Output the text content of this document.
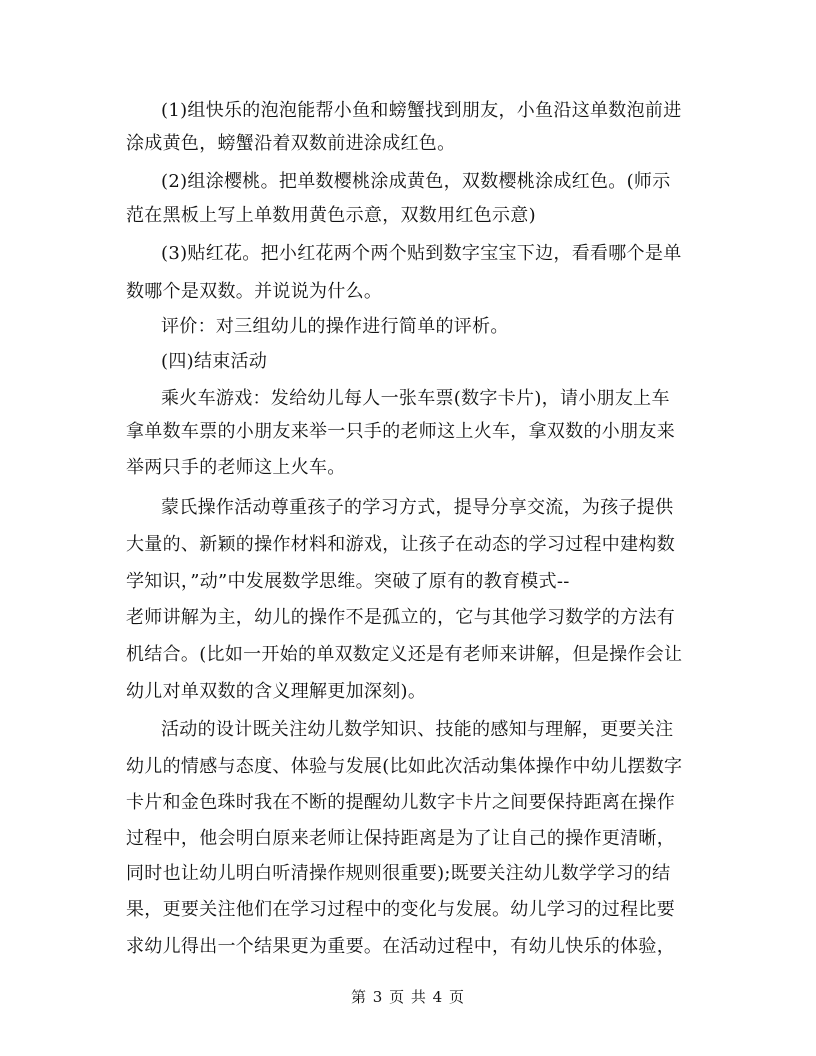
(1)组快乐的泡泡能帮小鱼和螃蟹找到朋友，小鱼沿这单数泡前进
涂成黄色，螃蟹沿着双数前进涂成红色。
(2)组涂樱桃。把单数樱桃涂成黄色，双数樱桃涂成红色。(师示
范在黑板上写上单数用黄色示意，双数用红色示意)
(3)贴红花。把小红花两个两个贴到数字宝宝下边，看看哪个是单
数哪个是双数。并说说为什么。
评价：对三组幼儿的操作进行简单的评析。
(四)结束活动
乘火车游戏：发给幼儿每人一张车票(数字卡片)，请小朋友上车
拿单数车票的小朋友来举一只手的老师这上火车，拿双数的小朋友来
举两只手的老师这上火车。
蒙氏操作活动尊重孩子的学习方式，提导分享交流，为孩子提供
大量的、新颖的操作材料和游戏，让孩子在动态的学习过程中建构数
学知识，”动”中发展数学思维。突破了原有的教育模式--
老师讲解为主，幼儿的操作不是孤立的，它与其他学习数学的方法有
机结合。(比如一开始的单双数定义还是有老师来讲解，但是操作会让
幼儿对单双数的含义理解更加深刻)。
活动的设计既关注幼儿数学知识、技能的感知与理解，更要关注
幼儿的情感与态度、体验与发展(比如此次活动集体操作中幼儿摆数字
卡片和金色珠时我在不断的提醒幼儿数字卡片之间要保持距离在操作
过程中，他会明白原来老师让保持距离是为了让自己的操作更清晰，
同时也让幼儿明白听清操作规则很重要);既要关注幼儿数学学习的结
果，更要关注他们在学习过程中的变化与发展。幼儿学习的过程比要
求幼儿得出一个结果更为重要。在活动过程中，有幼儿快乐的体验，
第 3 页 共 4 页
